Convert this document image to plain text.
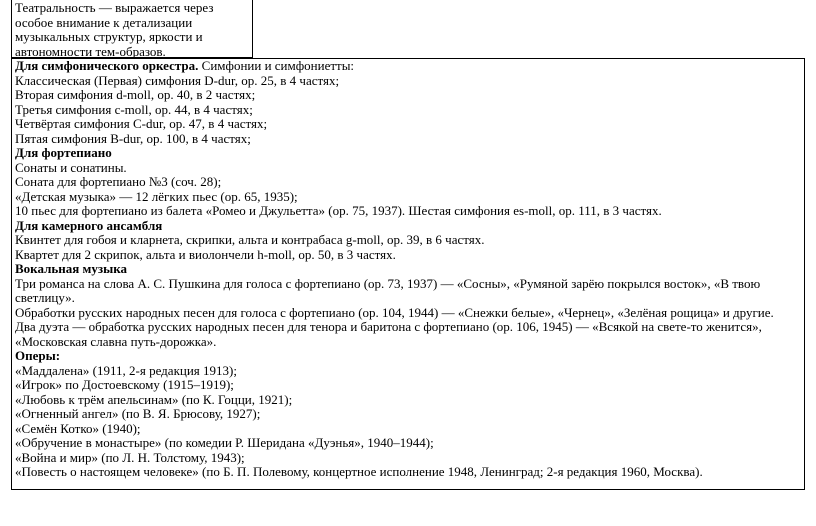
Театральность — выражается через
особое внимание к детализации
музыкальных структур, яркости и
автономности тем-образов.
Для симфонического оркестра. Симфонии и симфониетты:
Классическая (Первая) симфония D-dur, ор. 25, в 4 частях;
Вторая симфония d-moll, ор. 40, в 2 частях;
Третья симфония c-moll, ор. 44, в 4 частях;
Четвёртая симфония C-dur, ор. 47, в 4 частях;
Пятая симфония B-dur, ор. 100, в 4 частях;
Для фортепиано
Сонаты и сонатины.
Соната для фортепиано №3 (соч. 28);
«Детская музыка» — 12 лёгких пьес (ор. 65, 1935);
10 пьес для фортепиано из балета «Ромео и Джульетта» (ор. 75, 1937). Шестая симфония es-moll, ор. 111, в 3 частях.
Для камерного ансамбля
Квинтет для гобоя и кларнета, скрипки, альта и контрабаса g-moll, ор. 39, в 6 частях.
Квартет для 2 скрипок, альта и виолончели h-moll, ор. 50, в 3 частях.
Вокальная музыка
Три романса на слова А. С. Пушкина для голоса с фортепиано (ор. 73, 1937) — «Сосны», «Румяной зарёю покрылся восток», «В твою светлицу».
Обработки русских народных песен для голоса с фортепиано (ор. 104, 1944) — «Снежки белые», «Чернец», «Зелёная рощица» и другие.
Два дуэта — обработка русских народных песен для тенора и баритона с фортепиано (ор. 106, 1945) — «Всякой на свете-то женится», «Московская славна путь-дорожка».
Оперы:
«Маддалена» (1911, 2-я редакция 1913);
«Игрок» по Достоевскому (1915–1919);
«Любовь к трём апельсинам» (по К. Гоцци, 1921);
«Огненный ангел» (по В. Я. Брюсову, 1927);
«Семён Котко» (1940);
«Обручение в монастыре» (по комедии Р. Шеридана «Дуэнья», 1940–1944);
«Война и мир» (по Л. Н. Толстому, 1943);
«Повесть о настоящем человеке» (по Б. П. Полевому, концертное исполнение 1948, Ленинград; 2-я редакция 1960, Москва).
